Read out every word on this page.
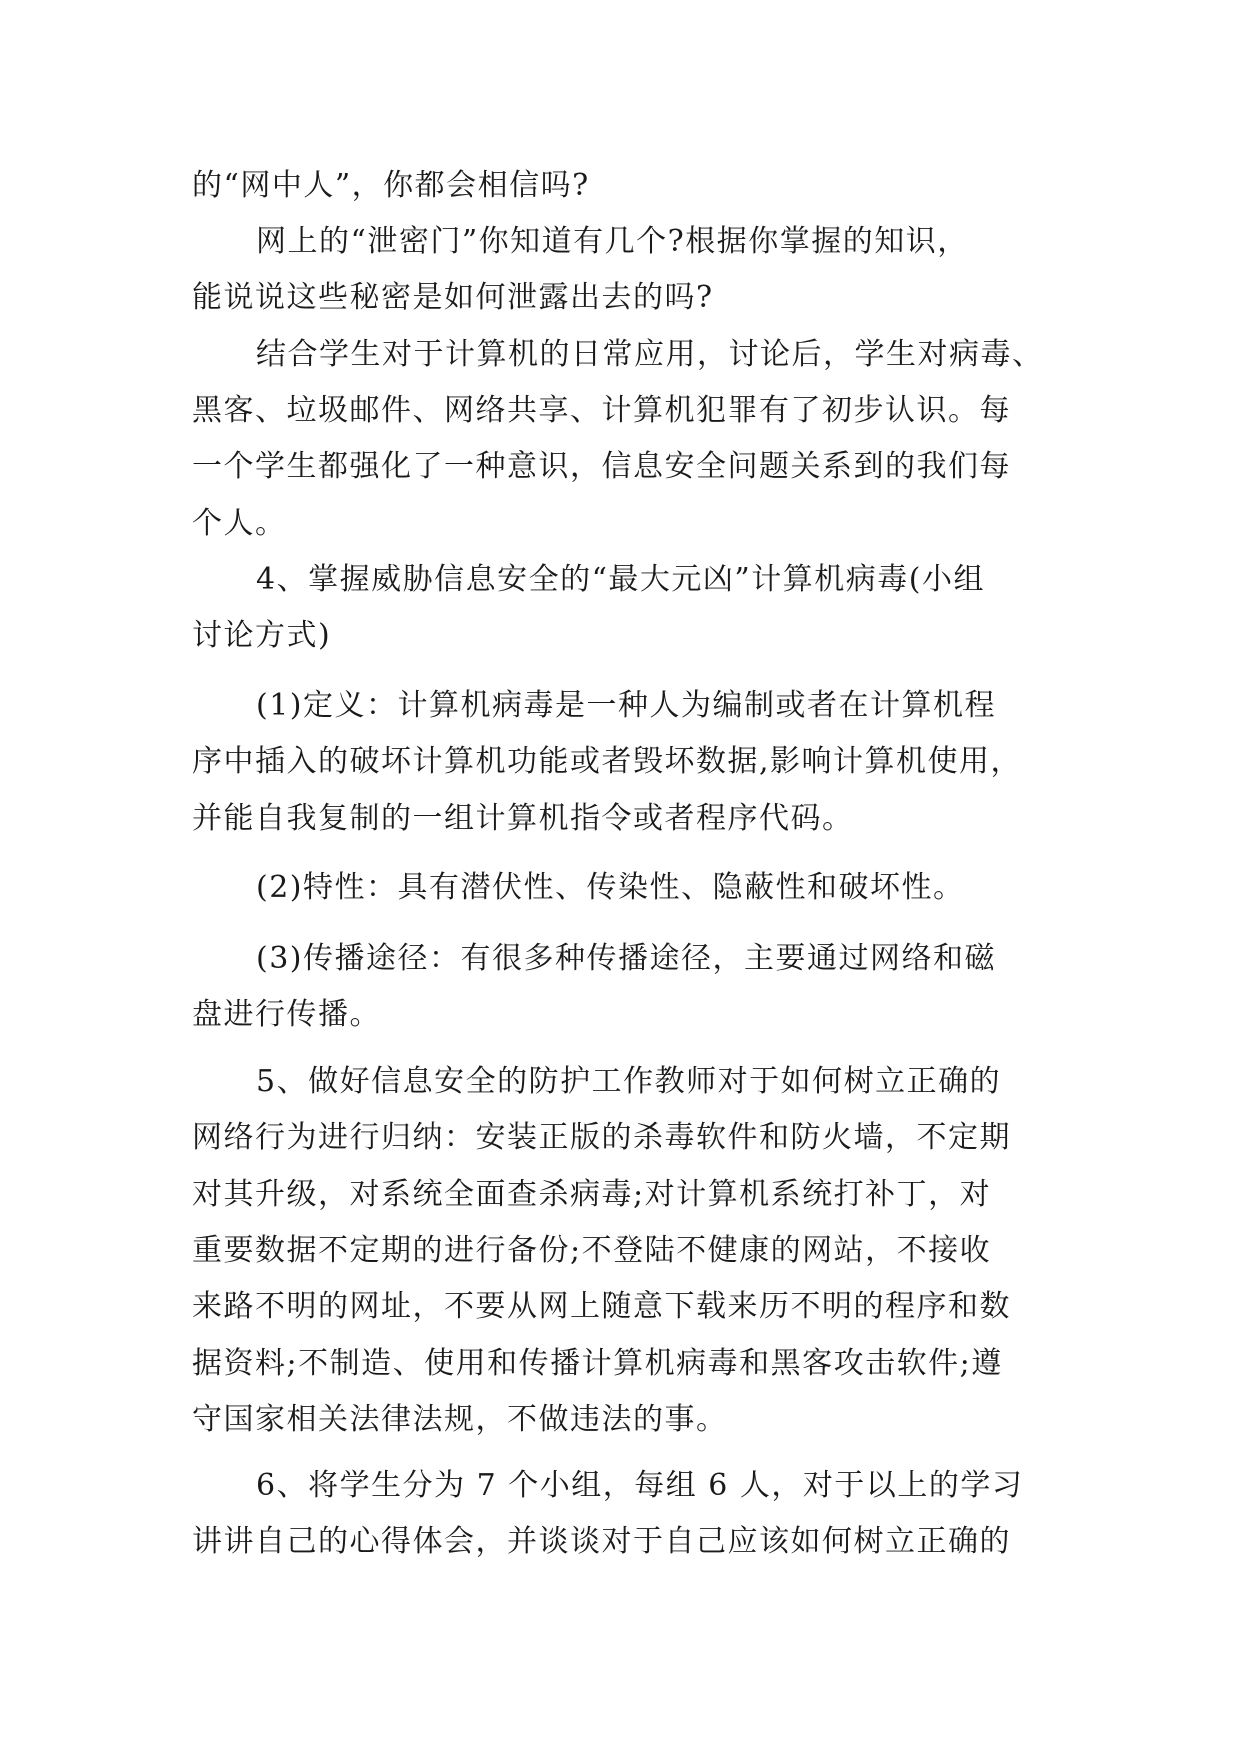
的“网中人”，你都会相信吗?
网上的“泄密门”你知道有几个?根据你掌握的知识，
能说说这些秘密是如何泄露出去的吗?
结合学生对于计算机的日常应用，讨论后，学生对病毒、
黑客、垃圾邮件、网络共享、计算机犯罪有了初步认识。每
一个学生都强化了一种意识，信息安全问题关系到的我们每
个人。
4、掌握威胁信息安全的“最大元凶”计算机病毒(小组
讨论方式)
(1)定义：计算机病毒是一种人为编制或者在计算机程
序中插入的破坏计算机功能或者毁坏数据,影响计算机使用，
并能自我复制的一组计算机指令或者程序代码。
(2)特性：具有潜伏性、传染性、隐蔽性和破坏性。
(3)传播途径：有很多种传播途径，主要通过网络和磁
盘进行传播。
5、做好信息安全的防护工作教师对于如何树立正确的
网络行为进行归纳：安装正版的杀毒软件和防火墙，不定期
对其升级，对系统全面查杀病毒;对计算机系统打补丁，对
重要数据不定期的进行备份;不登陆不健康的网站，不接收
来路不明的网址，不要从网上随意下载来历不明的程序和数
据资料;不制造、使用和传播计算机病毒和黑客攻击软件;遵
守国家相关法律法规，不做违法的事。
6、将学生分为 7 个小组，每组 6 人，对于以上的学习
讲讲自己的心得体会，并谈谈对于自己应该如何树立正确的
